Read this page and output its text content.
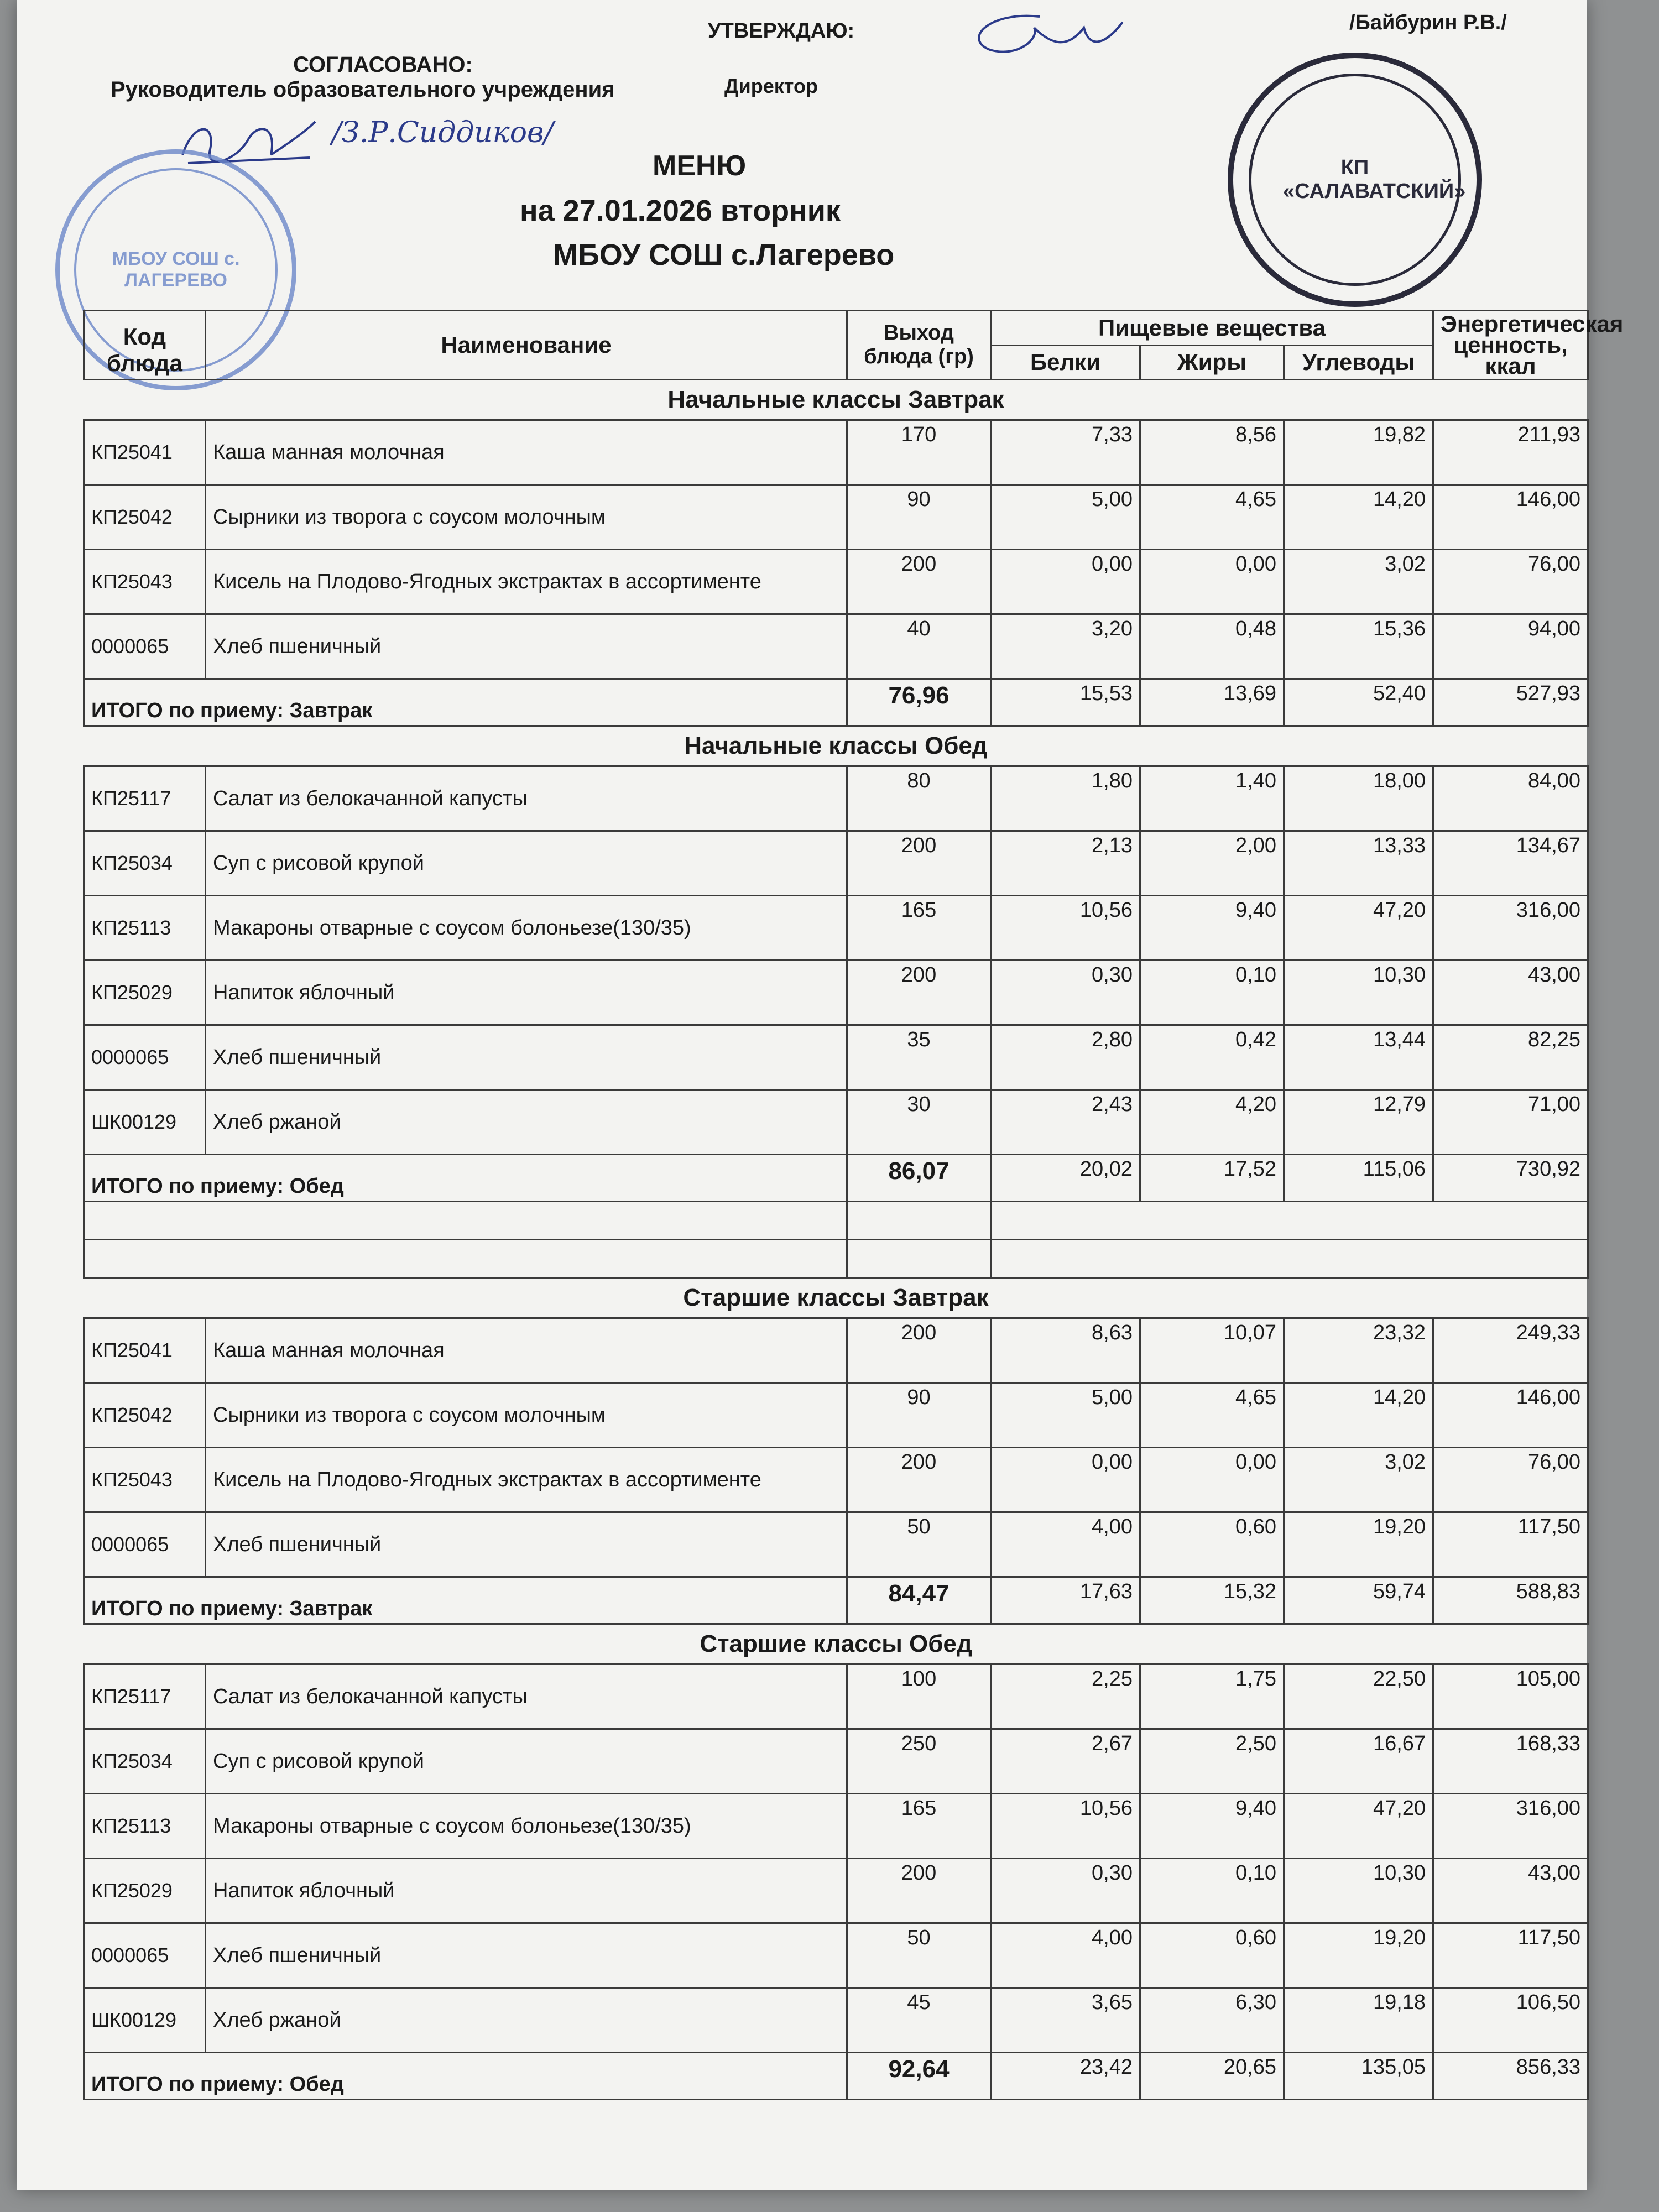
УТВЕРЖДАЮ:	/Байбурин Р.В./
СОГЛАСОВАНО:
Руководитель образовательного учреждения	Директор
/З.Р.Сиддиков/
МЕНЮ
на 27.01.2026 вторник
МБОУ СОШ с.Лагерево
КП «САЛАВАТСКИЙ»
МБОУ СОШ с. ЛАГЕРЕВО
Код блюда	Наименование	Выход блюда (гр)	Пищевые вещества			Энергетическая ценность, ккал
			Белки	Жиры	Углеводы	
Начальные классы Завтрак						
КП25041	Каша манная молочная	170	7,33	8,56	19,82	211,93
КП25042	Сырники из творога с соусом молочным	90	5,00	4,65	14,20	146,00
КП25043	Кисель на Плодово-Ягодных экстрактах в ассортименте	200	0,00	0,00	3,02	76,00
0000065	Хлеб пшеничный	40	3,20	0,48	15,36	94,00
ИТОГО по приему: Завтрак		76,96	15,53	13,69	52,40	527,93
Начальные классы Обед						
КП25117	Салат из белокачанной капусты	80	1,80	1,40	18,00	84,00
КП25034	Суп с рисовой крупой	200	2,13	2,00	13,33	134,67
КП25113	Макароны отварные с соусом болоньезе(130/35)	165	10,56	9,40	47,20	316,00
КП25029	Напиток яблочный	200	0,30	0,10	10,30	43,00
0000065	Хлеб пшеничный	35	2,80	0,42	13,44	82,25
ШК00129	Хлеб ржаной	30	2,43	4,20	12,79	71,00
ИТОГО по приему: Обед		86,07	20,02	17,52	115,06	730,92

Старшие классы Завтрак						
КП25041	Каша манная молочная	200	8,63	10,07	23,32	249,33
КП25042	Сырники из творога с соусом молочным	90	5,00	4,65	14,20	146,00
КП25043	Кисель на Плодово-Ягодных экстрактах в ассортименте	200	0,00	0,00	3,02	76,00
0000065	Хлеб пшеничный	50	4,00	0,60	19,20	117,50
ИТОГО по приему: Завтрак		84,47	17,63	15,32	59,74	588,83
Старшие классы Обед						
КП25117	Салат из белокачанной капусты	100	2,25	1,75	22,50	105,00
КП25034	Суп с рисовой крупой	250	2,67	2,50	16,67	168,33
КП25113	Макароны отварные с соусом болоньезе(130/35)	165	10,56	9,40	47,20	316,00
КП25029	Напиток яблочный	200	0,30	0,10	10,30	43,00
0000065	Хлеб пшеничный	50	4,00	0,60	19,20	117,50
ШК00129	Хлеб ржаной	45	3,65	6,30	19,18	106,50
ИТОГО по приему: Обед		92,64	23,42	20,65	135,05	856,33
